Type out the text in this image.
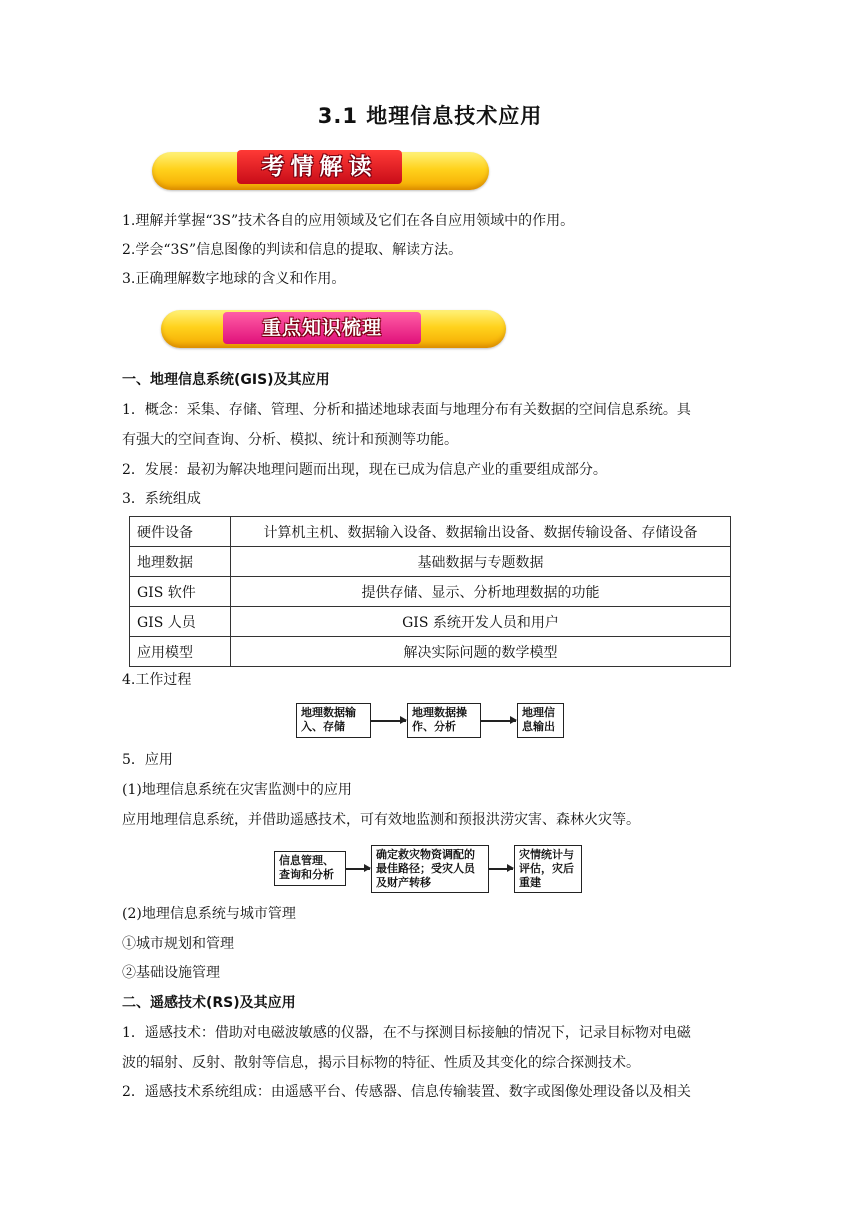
3.1 地理信息技术应用
考情解读
1.理解并掌握“3S”技术各自的应用领域及它们在各自应用领域中的作用。
2.学会“3S”信息图像的判读和信息的提取、解读方法。
3.正确理解数字地球的含义和作用。
重点知识梳理
一、地理信息系统(GIS)及其应用
1．概念：采集、存储、管理、分析和描述地球表面与地理分布有关数据的空间信息系统。具
有强大的空间查询、分析、模拟、统计和预测等功能。
2．发展：最初为解决地理问题而出现，现在已成为信息产业的重要组成部分。
3．系统组成
硬件设备	计算机主机、数据输入设备、数据输出设备、数据传输设备、存储设备
地理数据	基础数据与专题数据
GIS 软件	提供存储、显示、分析地理数据的功能
GIS 人员	GIS 系统开发人员和用户
应用模型	解决实际问题的数学模型
4.工作过程
地理数据输
入、存储
地理数据操
作、分析
地理信
息输出
5．应用
(1)地理信息系统在灾害监测中的应用
应用地理信息系统，并借助遥感技术，可有效地监测和预报洪涝灾害、森林火灾等。
信息管理、
查询和分析
确定救灾物资调配的
最佳路径；受灾人员
及财产转移
灾情统计与
评估，灾后
重建
(2)地理信息系统与城市管理
①城市规划和管理
②基础设施管理
二、遥感技术(RS)及其应用
1．遥感技术：借助对电磁波敏感的仪器，在不与探测目标接触的情况下，记录目标物对电磁
波的辐射、反射、散射等信息，揭示目标物的特征、性质及其变化的综合探测技术。
2．遥感技术系统组成：由遥感平台、传感器、信息传输装置、数字或图像处理设备以及相关
